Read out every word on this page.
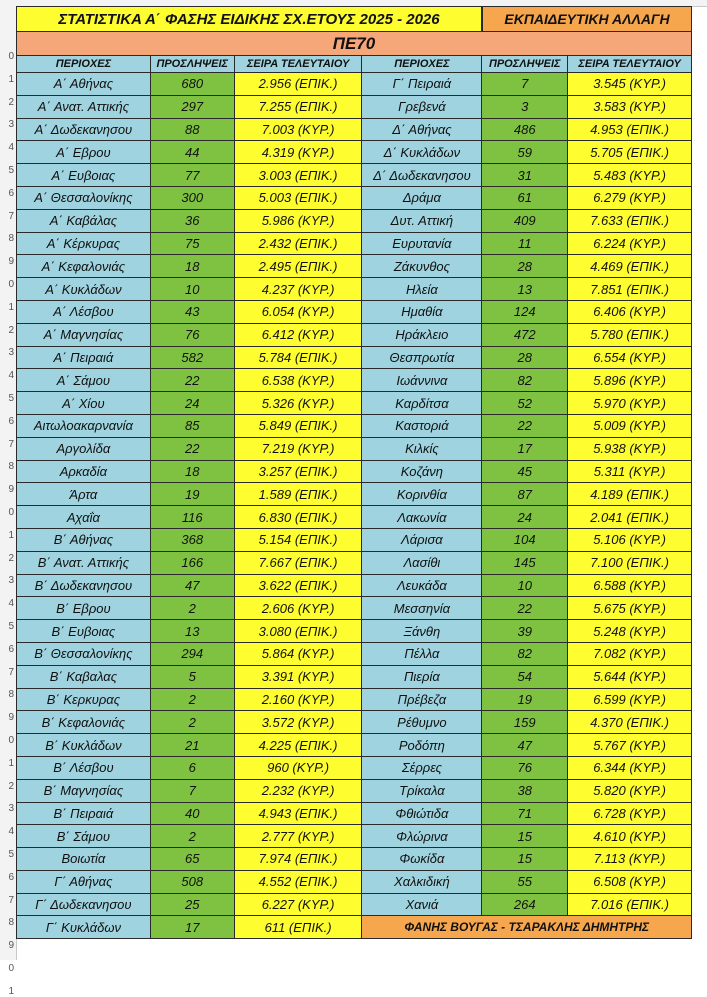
0
1
2
3
4
5
6
7
8
9
0
1
2
3
4
5
6
7
8
9
0
1
2
3
4
5
6
7
8
9
0
1
2
3
4
5
6
7
8
9
0
1
ΣΤΑΤΙΣΤΙΚΑ Α΄ ΦΑΣΗΣ ΕΙΔΙΚΗΣ ΣΧ.ΕΤΟΥΣ 2025 - 2026	ΕΚΠΑΙΔΕΥΤΙΚΗ ΑΛΛΑΓΗ
ΠΕ70
ΠΕΡΙΟΧΕΣ	ΠΡΟΣΛΗΨΕΙΣ	ΣΕΙΡΑ ΤΕΛΕΥΤΑΙΟΥ	ΠΕΡΙΟΧΕΣ	ΠΡΟΣΛΗΨΕΙΣ	ΣΕΙΡΑ ΤΕΛΕΥΤΑΙΟΥ
Α΄ Αθήνας	680	2.956 (ΕΠΙΚ.)	Γ΄ Πειραιά	7	3.545 (ΚΥΡ.)
Α΄ Ανατ. Αττικής	297	7.255 (ΕΠΙΚ.)	Γρεβενά	3	3.583 (ΚΥΡ.)
Α΄ Δωδεκανησου	88	7.003 (ΚΥΡ.)	Δ΄ Αθήνας	486	4.953 (ΕΠΙΚ.)
Α΄ Εβρου	44	4.319 (ΚΥΡ.)	Δ΄ Κυκλάδων	59	5.705 (ΕΠΙΚ.)
Α΄ Ευβοιας	77	3.003 (ΕΠΙΚ.)	Δ΄ Δωδεκανησου	31	5.483 (ΚΥΡ.)
Α΄ Θεσσαλονίκης	300	5.003 (ΕΠΙΚ.)	Δράμα	61	6.279 (ΚΥΡ.)
Α΄ Καβάλας	36	5.986 (ΚΥΡ.)	Δυτ. Αττική	409	7.633 (ΕΠΙΚ.)
Α΄ Κέρκυρας	75	2.432 (ΕΠΙΚ.)	Ευρυτανία	11	6.224 (ΚΥΡ.)
Α΄ Κεφαλονιάς	18	2.495 (ΕΠΙΚ.)	Ζάκυνθος	28	4.469 (ΕΠΙΚ.)
Α΄ Κυκλάδων	10	4.237 (ΚΥΡ.)	Ηλεία	13	7.851 (ΕΠΙΚ.)
Α΄ Λέσβου	43	6.054 (ΚΥΡ.)	Ημαθία	124	6.406 (ΚΥΡ.)
Α΄ Μαγνησίας	76	6.412 (ΚΥΡ.)	Ηράκλειο	472	5.780 (ΕΠΙΚ.)
Α΄ Πειραιά	582	5.784 (ΕΠΙΚ.)	Θεσπρωτία	28	6.554 (ΚΥΡ.)
Α΄ Σάμου	22	6.538 (ΚΥΡ.)	Ιωάννινα	82	5.896 (ΚΥΡ.)
Α΄ Χίου	24	5.326 (ΚΥΡ.)	Καρδίτσα	52	5.970 (ΚΥΡ.)
Αιτωλοακαρνανία	85	5.849 (ΕΠΙΚ.)	Καστοριά	22	5.009 (ΚΥΡ.)
Αργολίδα	22	7.219 (ΚΥΡ.)	Κιλκίς	17	5.938 (ΚΥΡ.)
Αρκαδία	18	3.257 (ΕΠΙΚ.)	Κοζάνη	45	5.311 (ΚΥΡ.)
Άρτα	19	1.589 (ΕΠΙΚ.)	Κορινθία	87	4.189 (ΕΠΙΚ.)
Αχαΐα	116	6.830 (ΕΠΙΚ.)	Λακωνία	24	2.041 (ΕΠΙΚ.)
Β΄ Αθήνας	368	5.154 (ΕΠΙΚ.)	Λάρισα	104	5.106 (ΚΥΡ.)
Β΄ Ανατ. Αττικής	166	7.667 (ΕΠΙΚ.)	Λασίθι	145	7.100 (ΕΠΙΚ.)
Β΄ Δωδεκανησου	47	3.622 (ΕΠΙΚ.)	Λευκάδα	10	6.588 (ΚΥΡ.)
Β΄ Εβρου	2	2.606 (ΚΥΡ.)	Μεσσηνία	22	5.675 (ΚΥΡ.)
Β΄ Ευβοιας	13	3.080 (ΕΠΙΚ.)	Ξάνθη	39	5.248 (ΚΥΡ.)
Β΄ Θεσσαλονίκης	294	5.864 (ΚΥΡ.)	Πέλλα	82	7.082 (ΚΥΡ.)
Β΄ Καβαλας	5	3.391 (ΚΥΡ.)	Πιερία	54	5.644 (ΚΥΡ.)
Β΄ Κερκυρας	2	2.160 (ΚΥΡ.)	Πρέβεζα	19	6.599 (ΚΥΡ.)
Β΄ Κεφαλονιάς	2	3.572 (ΚΥΡ.)	Ρέθυμνο	159	4.370 (ΕΠΙΚ.)
Β΄ Κυκλάδων	21	4.225 (ΕΠΙΚ.)	Ροδόπη	47	5.767 (ΚΥΡ.)
Β΄ Λέσβου	6	960 (ΚΥΡ.)	Σέρρες	76	6.344 (ΚΥΡ.)
Β΄ Μαγνησίας	7	2.232 (ΚΥΡ.)	Τρίκαλα	38	5.820 (ΚΥΡ.)
Β΄ Πειραιά	40	4.943 (ΕΠΙΚ.)	Φθιώτιδα	71	6.728 (ΚΥΡ.)
Β΄ Σάμου	2	2.777 (ΚΥΡ.)	Φλώρινα	15	4.610 (ΚΥΡ.)
Βοιωτία	65	7.974 (ΕΠΙΚ.)	Φωκίδα	15	7.113 (ΚΥΡ.)
Γ΄ Αθήνας	508	4.552 (ΕΠΙΚ.)	Χαλκιδική	55	6.508 (ΚΥΡ.)
Γ΄ Δωδεκανησου	25	6.227 (ΚΥΡ.)	Χανιά	264	7.016 (ΕΠΙΚ.)
Γ΄ Κυκλάδων	17	611 (ΕΠΙΚ.)	ΦΑΝΗΣ ΒΟΥΓΑΣ - ΤΣΑΡΑΚΛΗΣ ΔΗΜΗΤΡΗΣ
